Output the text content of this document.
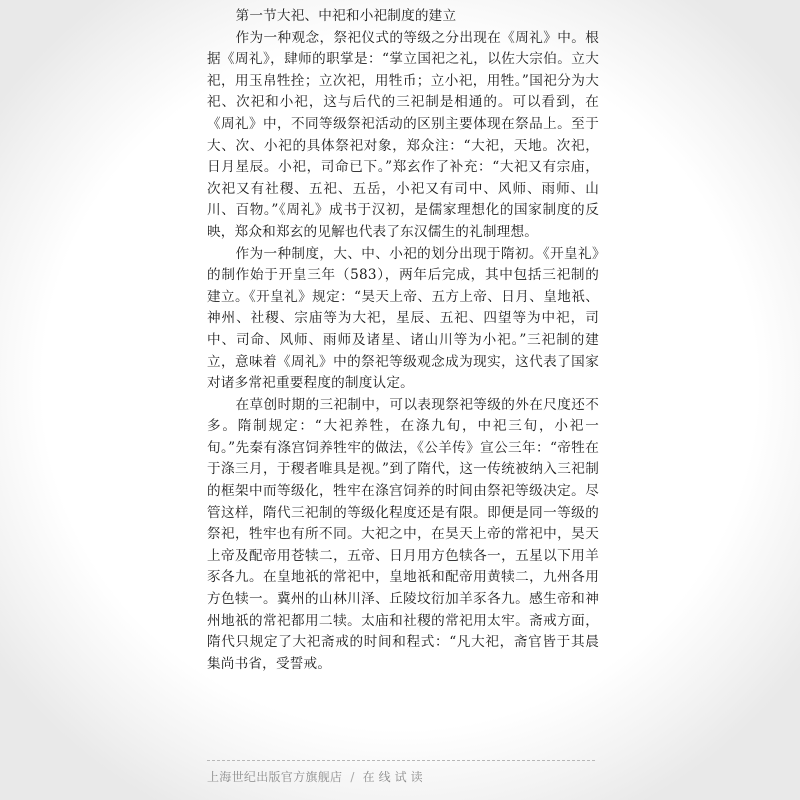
第一节大祀、中祀和小祀制度的建立

作为一种观念，祭祀仪式的等级之分出现在《周礼》中。根据《周礼》，肆师的职掌是：“掌立国祀之礼，以佐大宗伯。立大祀，用玉帛牲拴；立次祀，用牲币；立小祀，用牲。”国祀分为大祀、次祀和小祀，这与后代的三祀制是相通的。可以看到，在《周礼》中，不同等级祭祀活动的区别主要体现在祭品上。至于大、次、小祀的具体祭祀对象，郑众注：“大祀，天地。次祀，日月星辰。小祀，司命已下。”郑玄作了补充：“大祀又有宗庙，次祀又有社稷、五祀、五岳，小祀又有司中、风师、雨师、山川、百物。”《周礼》成书于汉初，是儒家理想化的国家制度的反映，郑众和郑玄的见解也代表了东汉儒生的礼制理想。

作为一种制度，大、中、小祀的划分出现于隋初。《开皇礼》的制作始于开皇三年（583），两年后完成，其中包括三祀制的建立。《开皇礼》规定：“昊天上帝、五方上帝、日月、皇地祇、神州、社稷、宗庙等为大祀，星辰、五祀、四望等为中祀，司中、司命、风师、雨师及诸星、诸山川等为小祀。”三祀制的建立，意味着《周礼》中的祭祀等级观念成为现实，这代表了国家对诸多常祀重要程度的制度认定。

在草创时期的三祀制中，可以表现祭祀等级的外在尺度还不多。隋制规定：“大祀养牲，在涤九旬，中祀三旬，小祀一旬。”先秦有涤宫饲养牲牢的做法，《公羊传》宣公三年：“帝牲在于涤三月，于稷者唯具是视。”到了隋代，这一传统被纳入三祀制的框架中而等级化，牲牢在涤宫饲养的时间由祭祀等级决定。尽管这样，隋代三祀制的等级化程度还是有限。即便是同一等级的祭祀，牲牢也有所不同。大祀之中，在昊天上帝的常祀中，昊天上帝及配帝用苍犊二，五帝、日月用方色犊各一，五星以下用羊豕各九。在皇地祇的常祀中，皇地祇和配帝用黄犊二，九州各用方色犊一。冀州的山林川泽、丘陵坟衍加羊豕各九。感生帝和神州地祇的常祀都用二犊。太庙和社稷的常祀用太牢。斋戒方面，隋代只规定了大祀斋戒的时间和程式：“凡大祀，斋官皆于其晨集尚书省，受誓戒。

上海世纪出版官方旗舰店 / 在线试读
